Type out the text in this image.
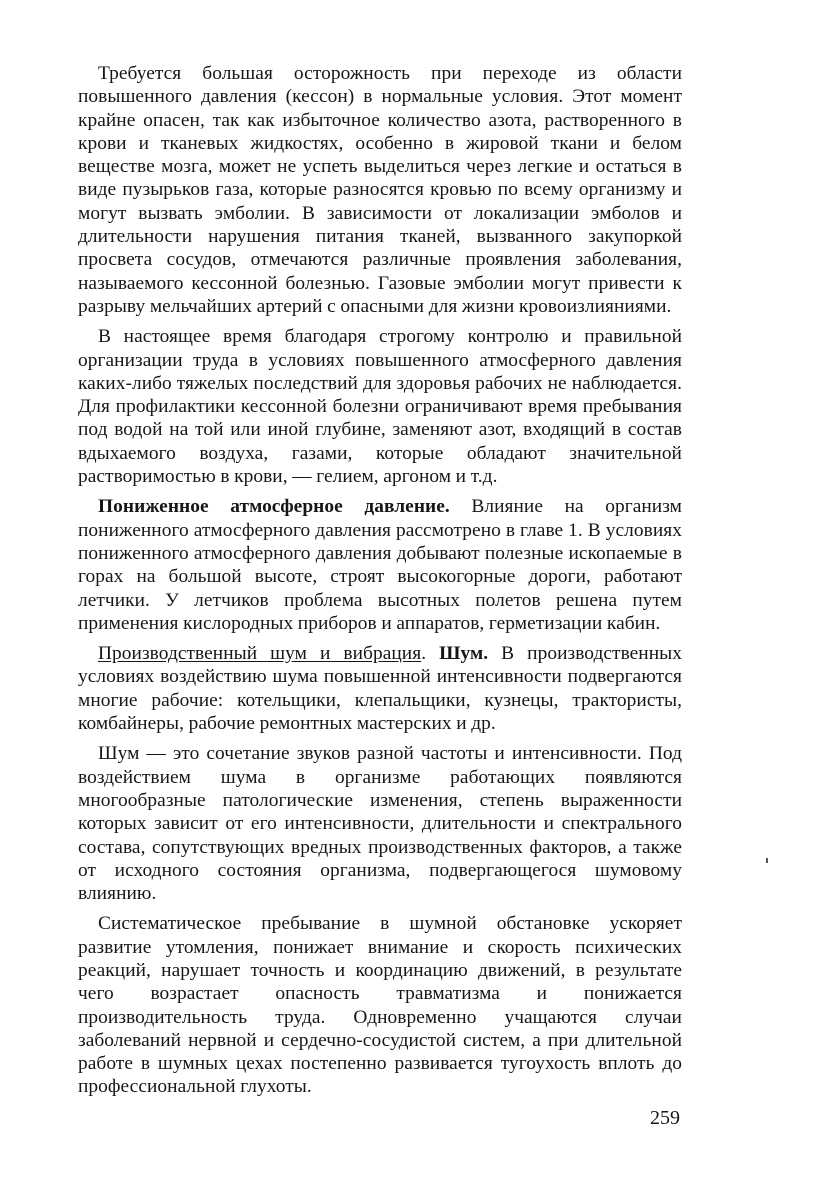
Требуется большая осторожность при переходе из области повышенного давления (кессон) в нормальные условия. Этот момент крайне опасен, так как избыточное количество азота, растворенного в крови и тканевых жидкостях, особенно в жировой ткани и белом веществе мозга, может не успеть выделиться через легкие и остаться в виде пузырьков газа, которые разносятся кровью по всему организму и могут вызвать эмболии. В зависимости от локализации эмболов и длительности нарушения питания тканей, вызванного закупоркой просвета сосудов, отмечаются различные проявления заболевания, называемого кессонной болезнью. Газовые эмболии могут привести к разрыву мельчайших артерий с опасными для жизни кровоизлияниями.

В настоящее время благодаря строгому контролю и правильной организации труда в условиях повышенного атмосферного давления каких-либо тяжелых последствий для здоровья рабочих не наблюдается. Для профилактики кессонной болезни ограничивают время пребывания под водой на той или иной глубине, заменяют азот, входящий в состав вдыхаемого воздуха, газами, которые обладают значительной растворимостью в крови, — гелием, аргоном и т.д.

Пониженное атмосферное давление. Влияние на организм пониженного атмосферного давления рассмотрено в главе 1. В условиях пониженного атмосферного давления добывают полезные ископаемые в горах на большой высоте, строят высокогорные дороги, работают летчики. У летчиков проблема высотных полетов решена путем применения кислородных приборов и аппаратов, герметизации кабин.

Производственный шум и вибрация. Шум. В производственных условиях воздействию шума повышенной интенсивности подвергаются многие рабочие: котельщики, клепальщики, кузнецы, трактористы, комбайнеры, рабочие ремонтных мастерских и др.

Шум — это сочетание звуков разной частоты и интенсивности. Под воздействием шума в организме работающих появляются многообразные патологические изменения, степень выраженности которых зависит от его интенсивности, длительности и спектрального состава, сопутствующих вредных производственных факторов, а также от исходного состояния организма, подвергающегося шумовому влиянию.

Систематическое пребывание в шумной обстановке ускоряет развитие утомления, понижает внимание и скорость психических реакций, нарушает точность и координацию движений, в результате чего возрастает опасность травматизма и понижается производительность труда. Одновременно учащаются случаи заболеваний нервной и сердечно-сосудистой систем, а при длительной работе в шумных цехах постепенно развивается тугоухость вплоть до профессиональной глухоты.

259
